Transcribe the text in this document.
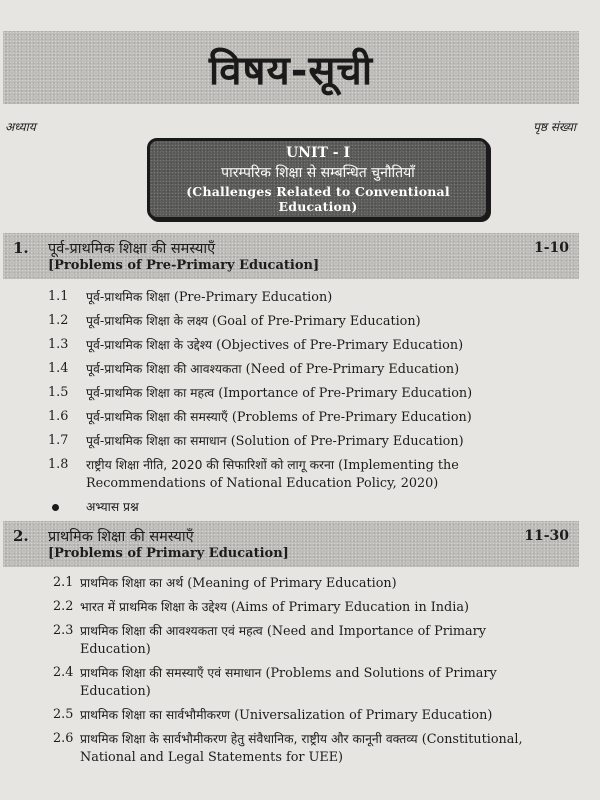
विषय-सूची
अध्याय	पृष्ठ संख्या
UNIT - I
पारम्परिक शिक्षा से सम्बन्धित चुनौतियाँ
(Challenges Related to Conventional Education)
1. पूर्व-प्राथमिक शिक्षा की समस्याएँ
[Problems of Pre-Primary Education]
1-10
1.1 पूर्व-प्राथमिक शिक्षा (Pre-Primary Education)
1.2 पूर्व-प्राथमिक शिक्षा के लक्ष्य (Goal of Pre-Primary Education)
1.3 पूर्व-प्राथमिक शिक्षा के उद्देश्य (Objectives of Pre-Primary Education)
1.4 पूर्व-प्राथमिक शिक्षा की आवश्यकता (Need of Pre-Primary Education)
1.5 पूर्व-प्राथमिक शिक्षा का महत्व (Importance of Pre-Primary Education)
1.6 पूर्व-प्राथमिक शिक्षा की समस्याएँ (Problems of Pre-Primary Education)
1.7 पूर्व-प्राथमिक शिक्षा का समाधान (Solution of Pre-Primary Education)
1.8 राष्ट्रीय शिक्षा नीति, 2020 की सिफारिशों को लागू करना (Implementing the Recommendations of National Education Policy, 2020)
अभ्यास प्रश्न
2. प्राथमिक शिक्षा की समस्याएँ
[Problems of Primary Education]
11-30
2.1 प्राथमिक शिक्षा का अर्थ (Meaning of Primary Education)
2.2 भारत में प्राथमिक शिक्षा के उद्देश्य (Aims of Primary Education in India)
2.3 प्राथमिक शिक्षा की आवश्यकता एवं महत्व (Need and Importance of Primary Education)
2.4 प्राथमिक शिक्षा की समस्याएँ एवं समाधान (Problems and Solutions of Primary Education)
2.5 प्राथमिक शिक्षा का सार्वभौमीकरण (Universalization of Primary Education)
2.6 प्राथमिक शिक्षा के सार्वभौमीकरण हेतु संवैधानिक, राष्ट्रीय और कानूनी वक्तव्य (Constitutional, National and Legal Statements for UEE)
